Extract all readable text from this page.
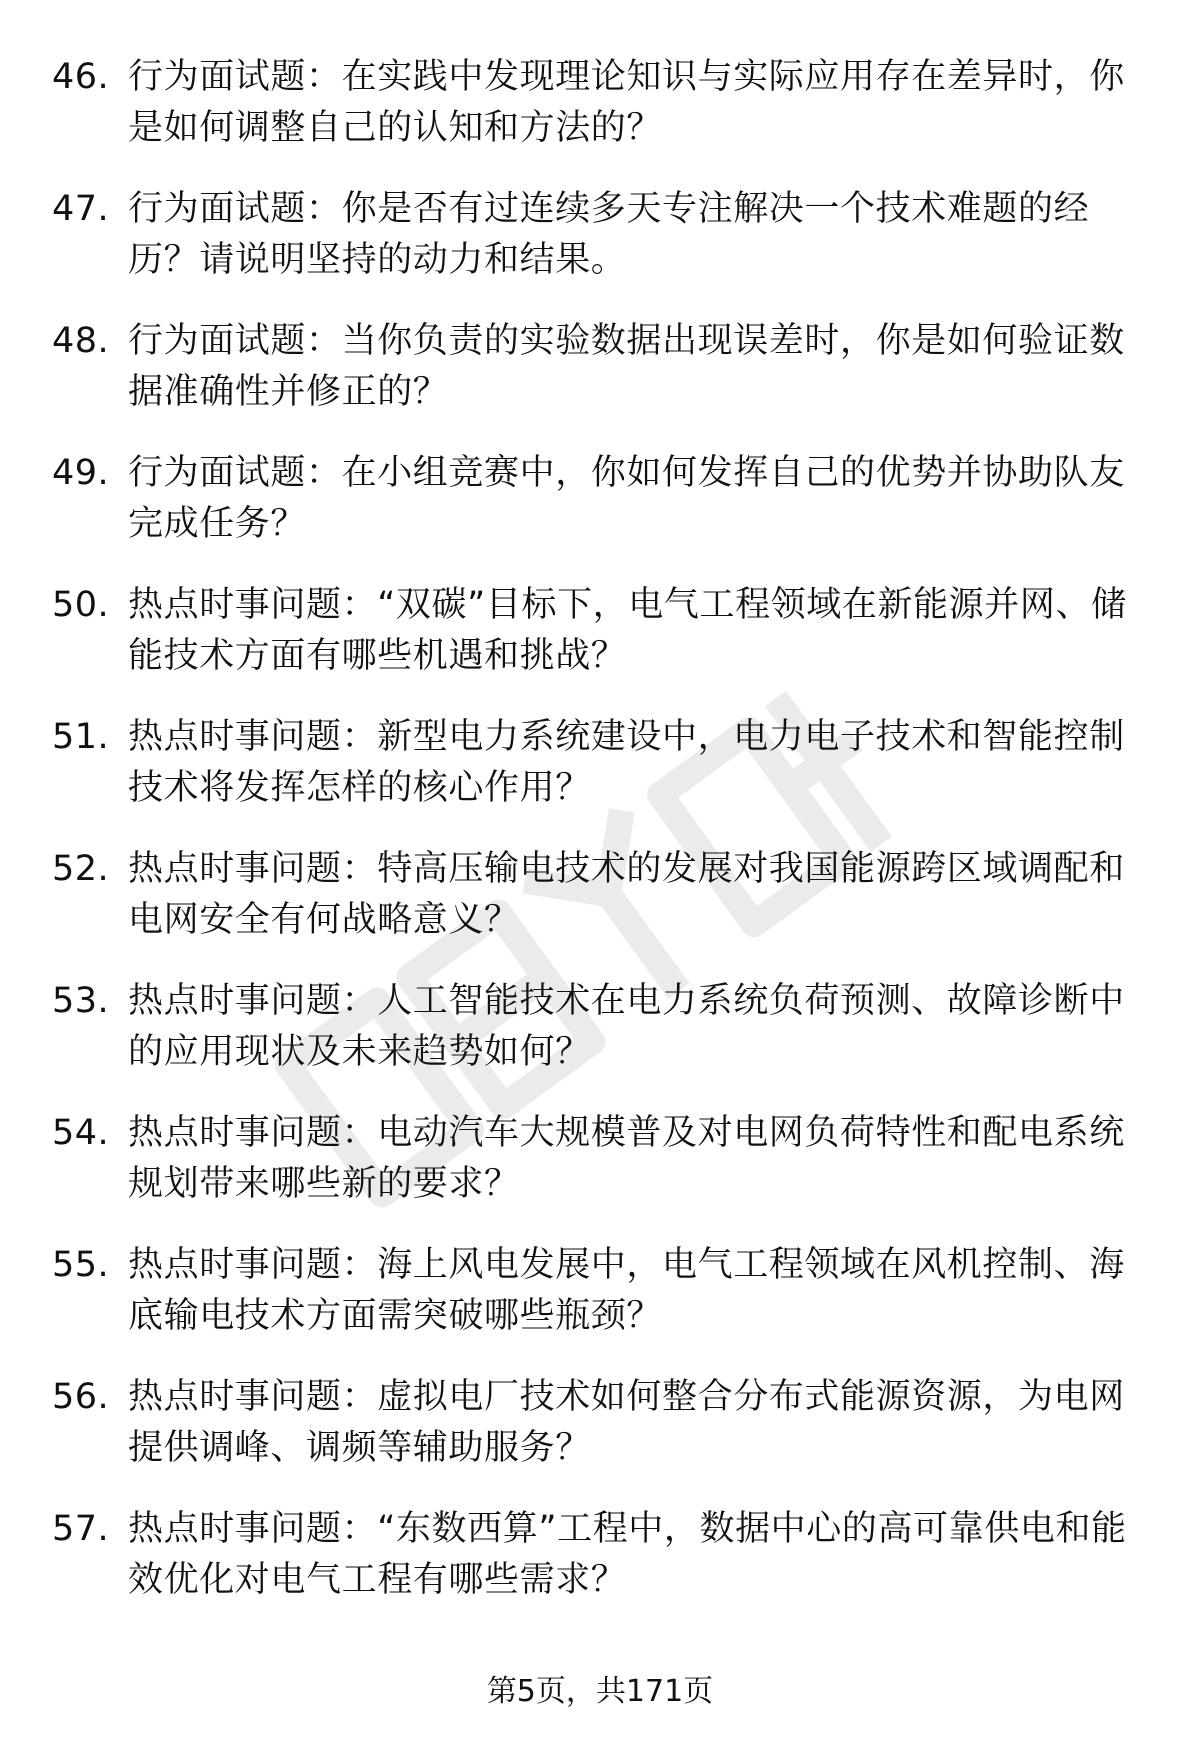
46. 行为面试题：在实践中发现理论知识与实际应用存在差异时，你是如何调整自己的认知和方法的？
47. 行为面试题：你是否有过连续多天专注解决一个技术难题的经历？请说明坚持的动力和结果。
48. 行为面试题：当你负责的实验数据出现误差时，你是如何验证数据准确性并修正的？
49. 行为面试题：在小组竞赛中，你如何发挥自己的优势并协助队友完成任务？
50. 热点时事问题：“双碳”目标下，电气工程领域在新能源并网、储能技术方面有哪些机遇和挑战？
51. 热点时事问题：新型电力系统建设中，电力电子技术和智能控制技术将发挥怎样的核心作用？
52. 热点时事问题：特高压输电技术的发展对我国能源跨区域调配和电网安全有何战略意义？
53. 热点时事问题：人工智能技术在电力系统负荷预测、故障诊断中的应用现状及未来趋势如何？
54. 热点时事问题：电动汽车大规模普及对电网负荷特性和配电系统规划带来哪些新的要求？
55. 热点时事问题：海上风电发展中，电气工程领域在风机控制、海底输电技术方面需突破哪些瓶颈？
56. 热点时事问题：虚拟电厂技术如何整合分布式能源资源，为电网提供调峰、调频等辅助服务？
57. 热点时事问题：“东数西算”工程中，数据中心的高可靠供电和能效优化对电气工程有哪些需求？
第5页，共171页
